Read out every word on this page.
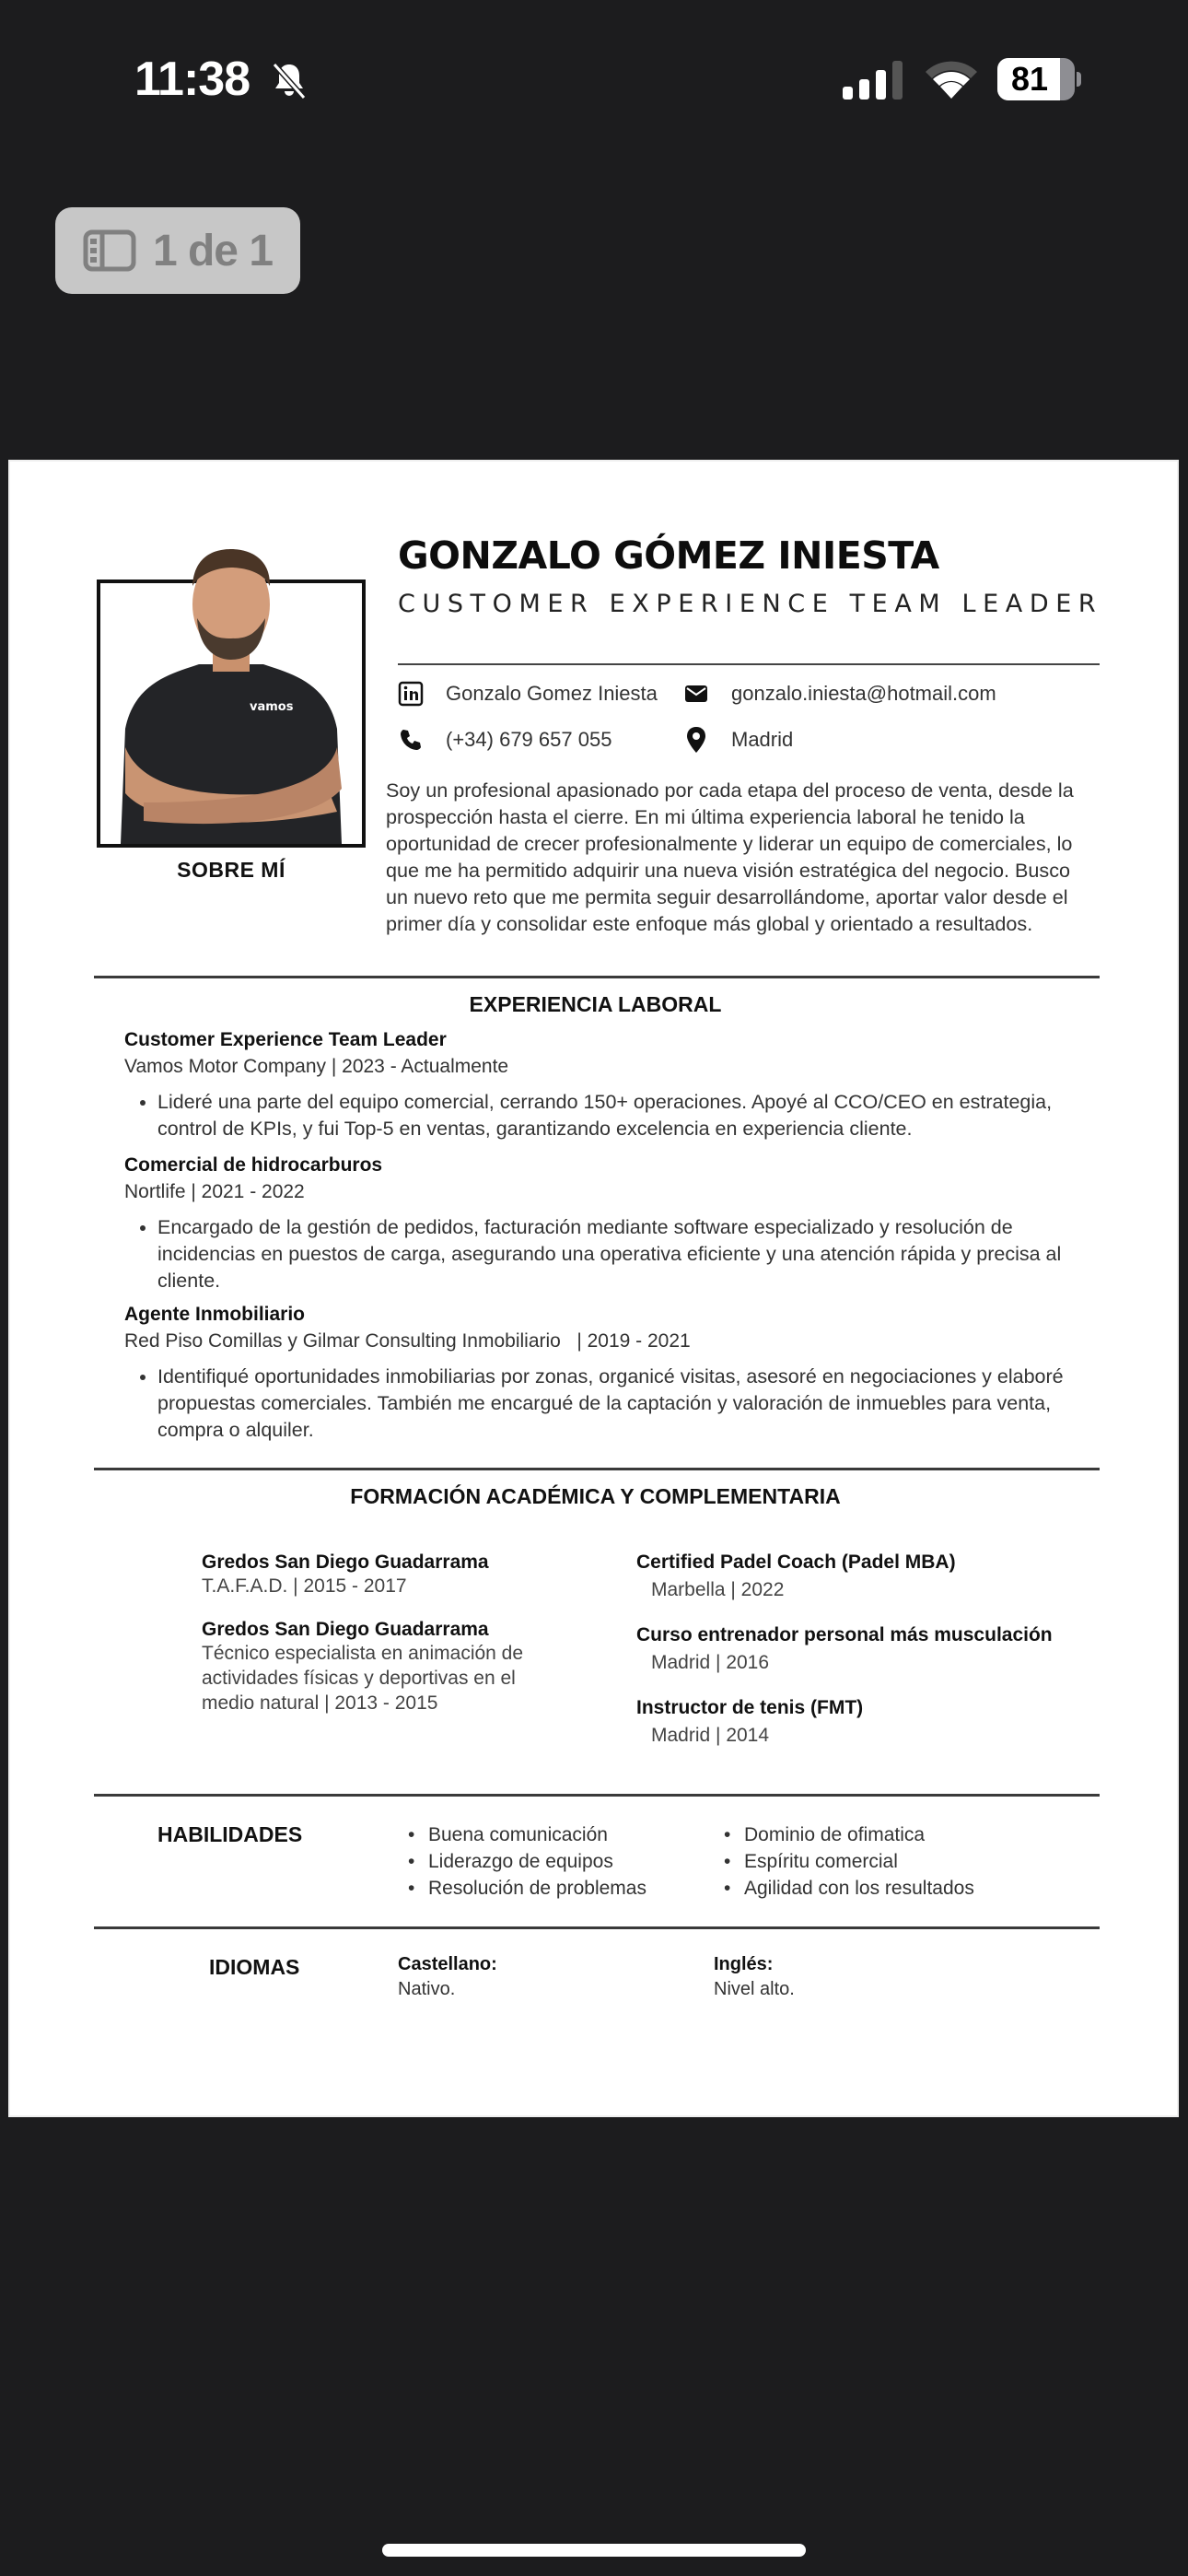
11:38	81
1 de 1
vamos
SOBRE MÍ
GONZALO GÓMEZ INIESTA
CUSTOMER EXPERIENCE TEAM LEADER
Gonzalo Gomez Iniesta	gonzalo.iniesta@hotmail.com
(+34) 679 657 055	Madrid
Soy un profesional apasionado por cada etapa del proceso de venta, desde la prospección hasta el cierre. En mi última experiencia laboral he tenido la oportunidad de crecer profesionalmente y liderar un equipo de comerciales, lo que me ha permitido adquirir una nueva visión estratégica del negocio. Busco un nuevo reto que me permita seguir desarrollándome, aportar valor desde el primer día y consolidar este enfoque más global y orientado a resultados.
EXPERIENCIA LABORAL
Customer Experience Team Leader
Vamos Motor Company | 2023 - Actualmente
• Lideré una parte del equipo comercial, cerrando 150+ operaciones. Apoyé al CCO/CEO en estrategia, control de KPIs, y fui Top-5 en ventas, garantizando excelencia en experiencia cliente.
Comercial de hidrocarburos
Nortlife | 2021 - 2022
• Encargado de la gestión de pedidos, facturación mediante software especializado y resolución de incidencias en puestos de carga, asegurando una operativa eficiente y una atención rápida y precisa al cliente.
Agente Inmobiliario
Red Piso Comillas y Gilmar Consulting Inmobiliario   | 2019 - 2021
• Identifiqué oportunidades inmobiliarias por zonas, organicé visitas, asesoré en negociaciones y elaboré propuestas comerciales. También me encargué de la captación y valoración de inmuebles para venta, compra o alquiler.
FORMACIÓN ACADÉMICA Y COMPLEMENTARIA
Gredos San Diego Guadarrama
T.A.F.A.D. | 2015 - 2017
Gredos San Diego Guadarrama
Técnico especialista en animación de actividades físicas y deportivas en el medio natural | 2013 - 2015
Certified Padel Coach (Padel MBA)
Marbella | 2022
Curso entrenador personal más musculación
Madrid | 2016
Instructor de tenis (FMT)
Madrid | 2014
HABILIDADES	• Buena comunicación
• Liderazgo de equipos
• Resolución de problemas
• Dominio de ofimatica
• Espíritu comercial
• Agilidad con los resultados
IDIOMAS	Castellano:
Nativo.
Inglés:
Nivel alto.
